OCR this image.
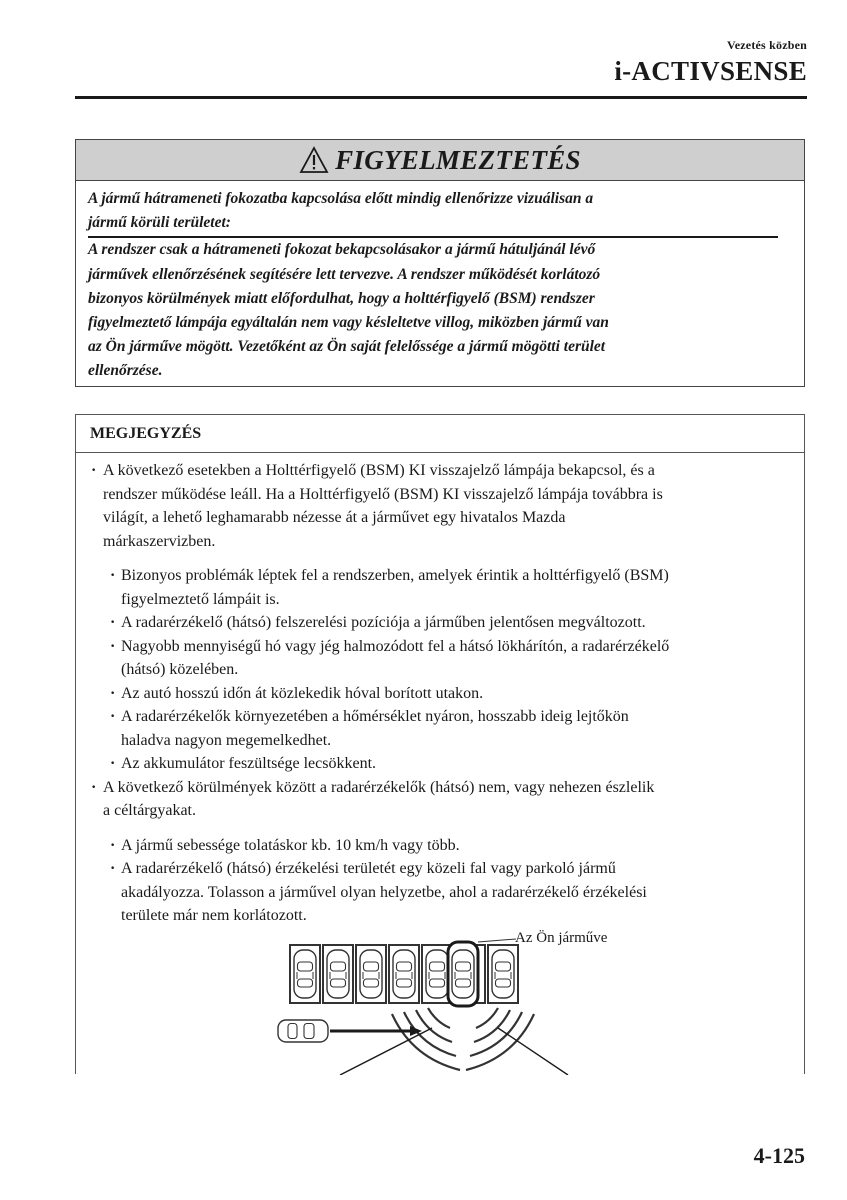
Vezetés közben
i-ACTIVSENSE
FIGYELMEZTETÉS
A jármű hátrameneti fokozatba kapcsolása előtt mindig ellenőrizze vizuálisan a
jármű körüli területet:
A rendszer csak a hátrameneti fokozat bekapcsolásakor a jármű hátuljánál lévő
járművek ellenőrzésének segítésére lett tervezve. A rendszer működését korlátozó
bizonyos körülmények miatt előfordulhat, hogy a holttérfigyelő (BSM) rendszer
figyelmeztető lámpája egyáltalán nem vagy késleltetve villog, miközben jármű van
az Ön járműve mögött. Vezetőként az Ön saját felelőssége a jármű mögötti terület
ellenőrzése.
MEGJEGYZÉS
· A következő esetekben a Holttérfigyelő (BSM) KI visszajelző lámpája bekapcsol, és a
rendszer működése leáll. Ha a Holttérfigyelő (BSM) KI visszajelző lámpája továbbra is
világít, a lehető leghamarabb nézesse át a járművet egy hivatalos Mazda
márkaszervizben.
· Bizonyos problémák léptek fel a rendszerben, amelyek érintik a holttérfigyelő (BSM)
figyelmeztető lámpáit is.
· A radarérzékelő (hátsó) felszerelési pozíciója a járműben jelentősen megváltozott.
· Nagyobb mennyiségű hó vagy jég halmozódott fel a hátsó lökhárítón, a radarérzékelő
(hátsó) közelében.
· Az autó hosszú időn át közlekedik hóval borított utakon.
· A radarérzékelők környezetében a hőmérséklet nyáron, hosszabb ideig lejtőkön
haladva nagyon megemelkedhet.
· Az akkumulátor feszültsége lecsökkent.
· A következő körülmények között a radarérzékelők (hátsó) nem, vagy nehezen észlelik
a céltárgyakat.
· A jármű sebessége tolatáskor kb. 10 km/h vagy több.
· A radarérzékelő (hátsó) érzékelési területét egy közeli fal vagy parkoló jármű
akadályozza. Tolasson a járművel olyan helyzetbe, ahol a radarérzékelő érzékelési
területe már nem korlátozott.
Az Ön járműve
4-125
